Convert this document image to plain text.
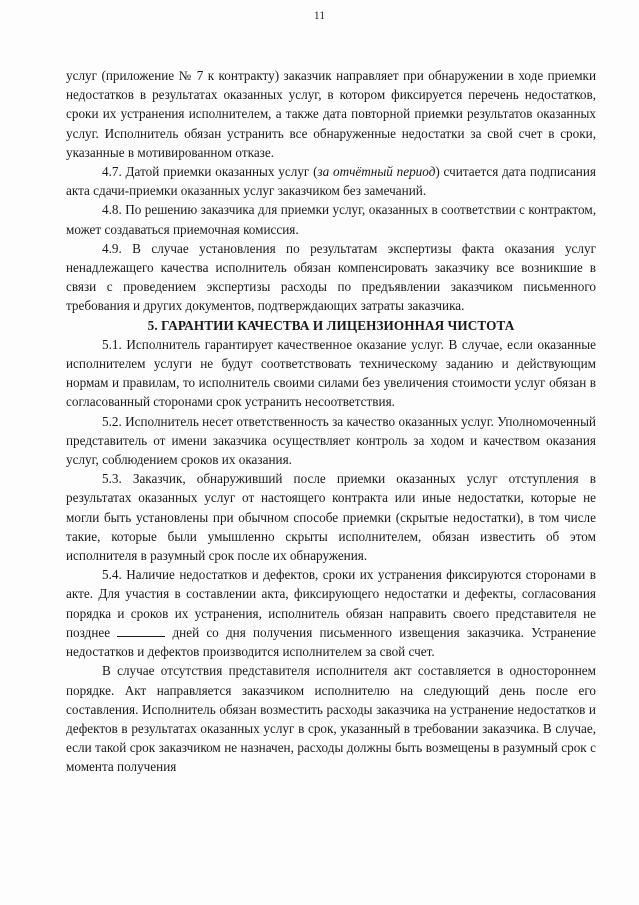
11

услуг (приложение № 7 к контракту) заказчик направляет при обнаружении в ходе приемки недостатков в результатах оказанных услуг, в котором фиксируется перечень недостатков, сроки их устранения исполнителем, а также дата повторной приемки результатов оказанных услуг. Исполнитель обязан устранить все обнаруженные недостатки за свой счет в сроки, указанные в мотивированном отказе.

4.7. Датой приемки оказанных услуг (за отчётный период) считается дата подписания акта сдачи-приемки оказанных услуг заказчиком без замечаний.

4.8. По решению заказчика для приемки услуг, оказанных в соответствии с контрактом, может создаваться приемочная комиссия.

4.9. В случае установления по результатам экспертизы факта оказания услуг ненадлежащего качества исполнитель обязан компенсировать заказчику все возникшие в связи с проведением экспертизы расходы по предъявлении заказчиком письменного требования и других документов, подтверждающих затраты заказчика.

5. ГАРАНТИИ КАЧЕСТВА И ЛИЦЕНЗИОННАЯ ЧИСТОТА

5.1. Исполнитель гарантирует качественное оказание услуг. В случае, если оказанные исполнителем услуги не будут соответствовать техническому заданию и действующим нормам и правилам, то исполнитель своими силами без увеличения стоимости услуг обязан в согласованный сторонами срок устранить несоответствия.

5.2. Исполнитель несет ответственность за качество оказанных услуг. Уполномоченный представитель от имени заказчика осуществляет контроль за ходом и качеством оказания услуг, соблюдением сроков их оказания.

5.3. Заказчик, обнаруживший после приемки оказанных услуг отступления в результатах оказанных услуг от настоящего контракта или иные недостатки, которые не могли быть установлены при обычном способе приемки (скрытые недостатки), в том числе такие, которые были умышленно скрыты исполнителем, обязан известить об этом исполнителя в разумный срок после их обнаружения.

5.4. Наличие недостатков и дефектов, сроки их устранения фиксируются сторонами в акте. Для участия в составлении акта, фиксирующего недостатки и дефекты, согласования порядка и сроков их устранения, исполнитель обязан направить своего представителя не позднее	дней со дня получения письменного извещения заказчика. Устранение недостатков и дефектов производится исполнителем за свой счет.

В случае отсутствия представителя исполнителя акт составляется в одностороннем порядке. Акт направляется заказчиком исполнителю на следующий день после его составления. Исполнитель обязан возместить расходы заказчика на устранение недостатков и дефектов в результатах оказанных услуг в срок, указанный в требовании заказчика. В случае, если такой срок заказчиком не назначен, расходы должны быть возмещены в разумный срок с момента получения
